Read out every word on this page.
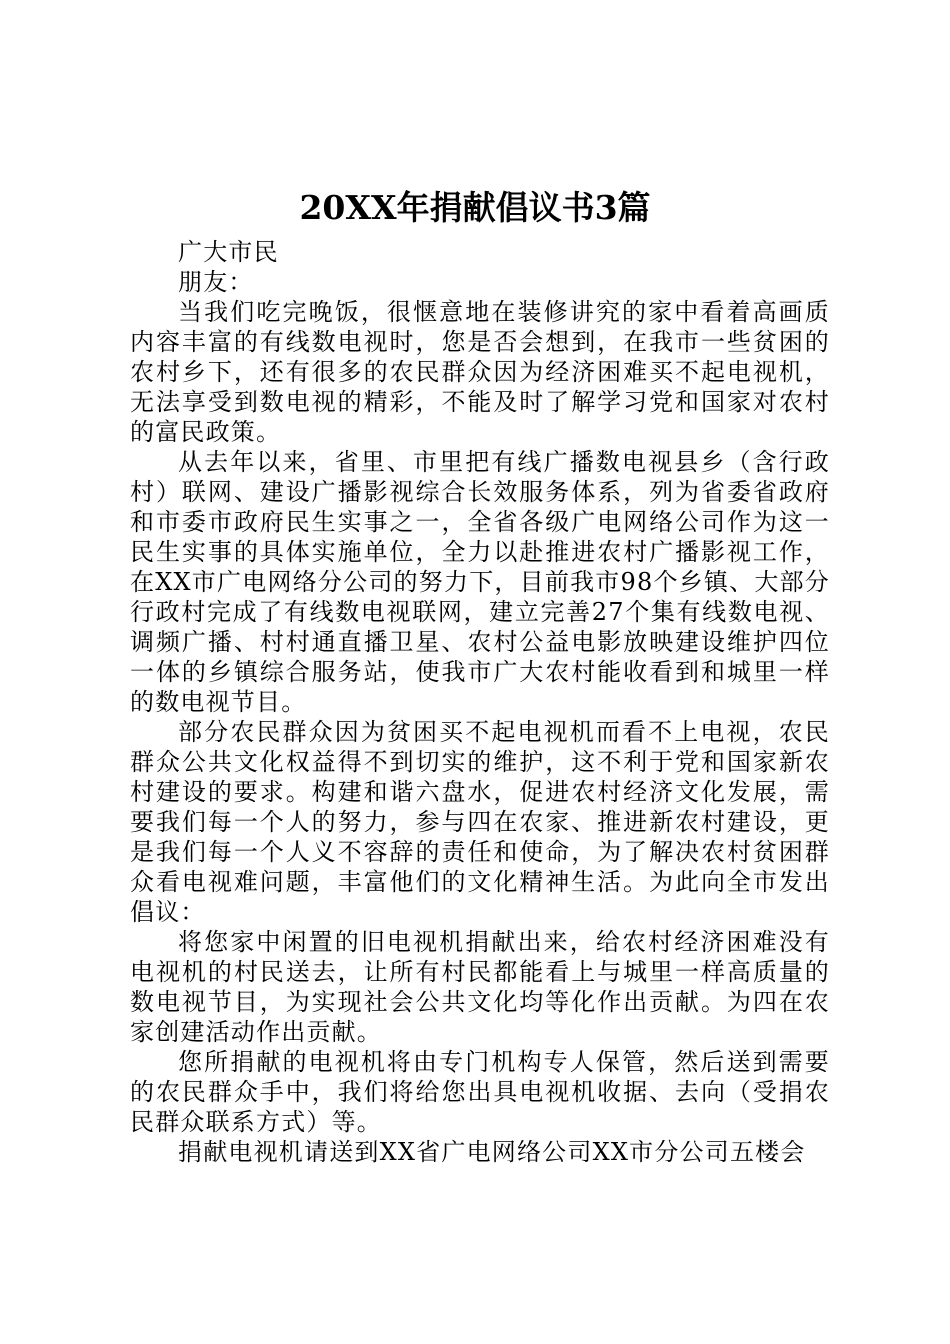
20XX年捐献倡议书3篇

广大市民

朋友：

当我们吃完晚饭，很惬意地在装修讲究的家中看着高画质内容丰富的有线数电视时，您是否会想到，在我市一些贫困的农村乡下，还有很多的农民群众因为经济困难买不起电视机，无法享受到数电视的精彩，不能及时了解学习党和国家对农村的富民政策。

从去年以来，省里、市里把有线广播数电视县乡（含行政村）联网、建设广播影视综合长效服务体系，列为省委省政府和市委市政府民生实事之一，全省各级广电网络公司作为这一民生实事的具体实施单位，全力以赴推进农村广播影视工作，在XX市广电网络分公司的努力下，目前我市98个乡镇、大部分行政村完成了有线数电视联网，建立完善27个集有线数电视、调频广播、村村通直播卫星、农村公益电影放映建设维护四位一体的乡镇综合服务站，使我市广大农村能收看到和城里一样的数电视节目。

部分农民群众因为贫困买不起电视机而看不上电视，农民群众公共文化权益得不到切实的维护，这不利于党和国家新农村建设的要求。构建和谐六盘水，促进农村经济文化发展，需要我们每一个人的努力，参与四在农家、推进新农村建设，更是我们每一个人义不容辞的责任和使命，为了解决农村贫困群众看电视难问题，丰富他们的文化精神生活。为此向全市发出倡议：

将您家中闲置的旧电视机捐献出来，给农村经济困难没有电视机的村民送去，让所有村民都能看上与城里一样高质量的数电视节目，为实现社会公共文化均等化作出贡献。为四在农家创建活动作出贡献。

您所捐献的电视机将由专门机构专人保管，然后送到需要的农民群众手中，我们将给您出具电视机收据、去向（受捐农民群众联系方式）等。

捐献电视机请送到XX省广电网络公司XX市分公司五楼会
